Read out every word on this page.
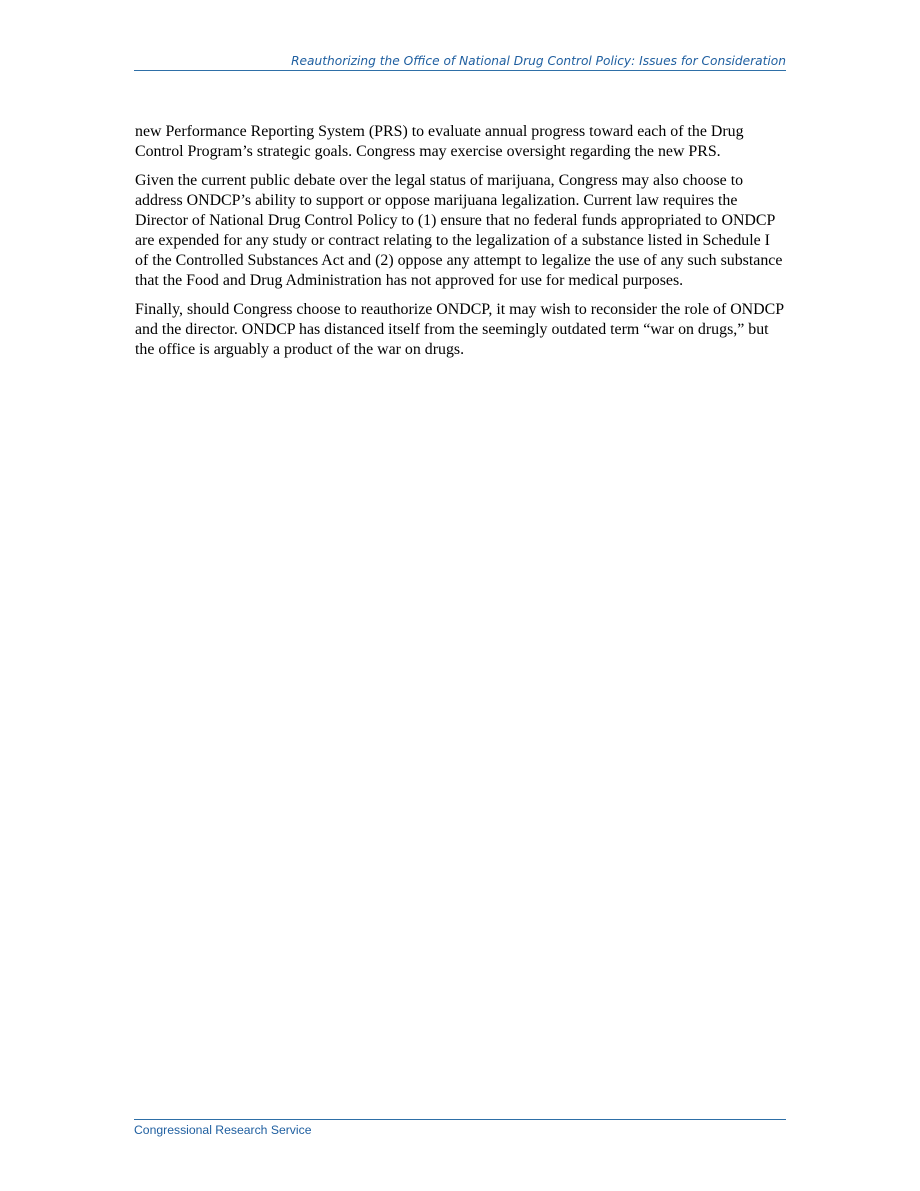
Reauthorizing the Office of National Drug Control Policy: Issues for Consideration

new Performance Reporting System (PRS) to evaluate annual progress toward each of the Drug Control Program’s strategic goals. Congress may exercise oversight regarding the new PRS.

Given the current public debate over the legal status of marijuana, Congress may also choose to address ONDCP’s ability to support or oppose marijuana legalization. Current law requires the Director of National Drug Control Policy to (1) ensure that no federal funds appropriated to ONDCP are expended for any study or contract relating to the legalization of a substance listed in Schedule I of the Controlled Substances Act and (2) oppose any attempt to legalize the use of any such substance that the Food and Drug Administration has not approved for use for medical purposes.

Finally, should Congress choose to reauthorize ONDCP, it may wish to reconsider the role of ONDCP and the director. ONDCP has distanced itself from the seemingly outdated term “war on drugs,” but the office is arguably a product of the war on drugs.

Congressional Research Service
